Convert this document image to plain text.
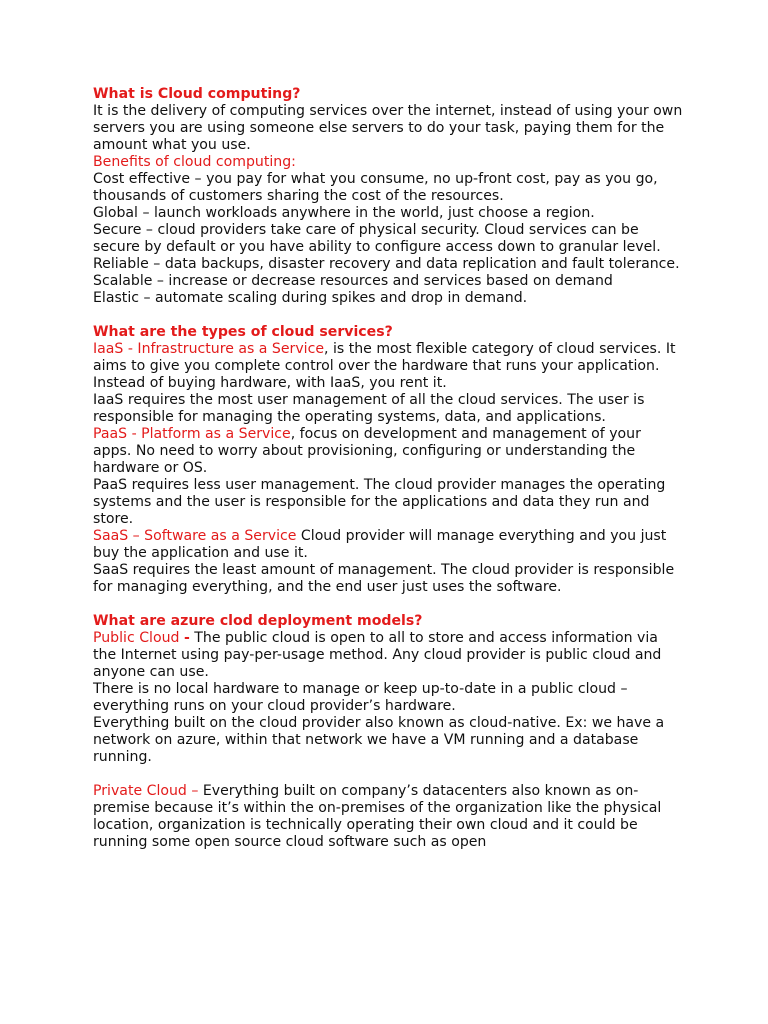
What is Cloud computing?

It is the delivery of computing services over the internet, instead of using your own servers you are using someone else servers to do your task, paying them for the amount what you use.

Benefits of cloud computing:

Cost effective – you pay for what you consume, no up-front cost, pay as you go, thousands of customers sharing the cost of the resources.

Global – launch workloads anywhere in the world, just choose a region.

Secure – cloud providers take care of physical security. Cloud services can be secure by default or you have ability to configure access down to granular level.

Reliable – data backups, disaster recovery and data replication and fault tolerance.

Scalable – increase or decrease resources and services based on demand

Elastic – automate scaling during spikes and drop in demand.

What are the types of cloud services?

IaaS - Infrastructure as a Service, is the most flexible category of cloud services. It aims to give you complete control over the hardware that runs your application. Instead of buying hardware, with IaaS, you rent it.

IaaS requires the most user management of all the cloud services. The user is responsible for managing the operating systems, data, and applications.

PaaS - Platform as a Service, focus on development and management of your apps. No need to worry about provisioning, configuring or understanding the hardware or OS.

PaaS requires less user management. The cloud provider manages the operating systems and the user is responsible for the applications and data they run and store.

SaaS – Software as a Service Cloud provider will manage everything and you just buy the application and use it.

SaaS requires the least amount of management. The cloud provider is responsible for managing everything, and the end user just uses the software.

What are azure clod deployment models?

Public Cloud - The public cloud is open to all to store and access information via the Internet using pay-per-usage method. Any cloud provider is public cloud and anyone can use.

There is no local hardware to manage or keep up-to-date in a public cloud – everything runs on your cloud provider’s hardware.

Everything built on the cloud provider also known as cloud-native. Ex: we have a network on azure, within that network we have a VM running and a database running.

Private Cloud – Everything built on company’s datacenters also known as on-premise because it’s within the on-premises of the organization like the physical location, organization is technically operating their own cloud and it could be running some open source cloud software such as open
